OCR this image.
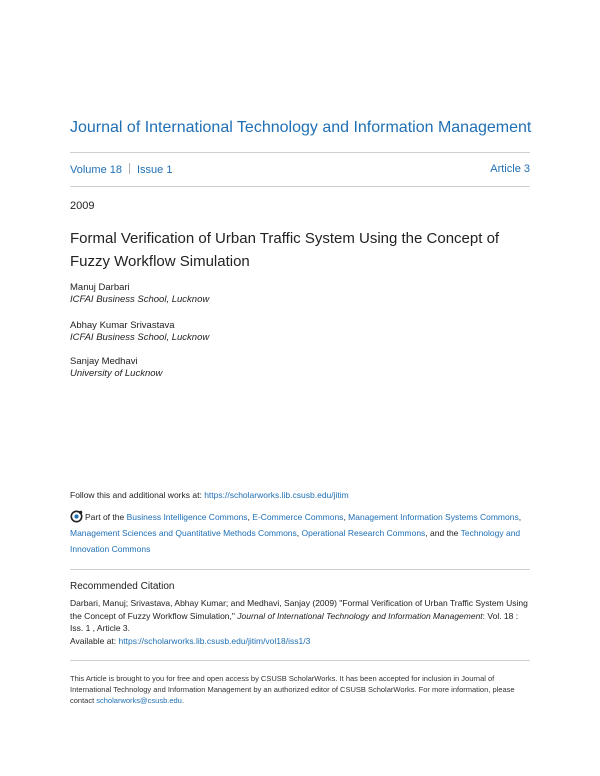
Journal of International Technology and Information Management
Volume 18 Issue 1	Article 3
2009
Formal Verification of Urban Traffic System Using the Concept of Fuzzy Workflow Simulation
Manuj Darbari
ICFAI Business School, Lucknow
Abhay Kumar Srivastava
ICFAI Business School, Lucknow
Sanjay Medhavi
University of Lucknow
Follow this and additional works at: https://scholarworks.lib.csusb.edu/jitim
Part of the Business Intelligence Commons, E-Commerce Commons, Management Information Systems Commons, Management Sciences and Quantitative Methods Commons, Operational Research Commons, and the Technology and Innovation Commons
Recommended Citation
Darbari, Manuj; Srivastava, Abhay Kumar; and Medhavi, Sanjay (2009) "Formal Verification of Urban Traffic System Using the Concept of Fuzzy Workflow Simulation," Journal of International Technology and Information Management: Vol. 18 : Iss. 1 , Article 3.
Available at: https://scholarworks.lib.csusb.edu/jitim/vol18/iss1/3
This Article is brought to you for free and open access by CSUSB ScholarWorks. It has been accepted for inclusion in Journal of International Technology and Information Management by an authorized editor of CSUSB ScholarWorks. For more information, please contact scholarworks@csusb.edu.
